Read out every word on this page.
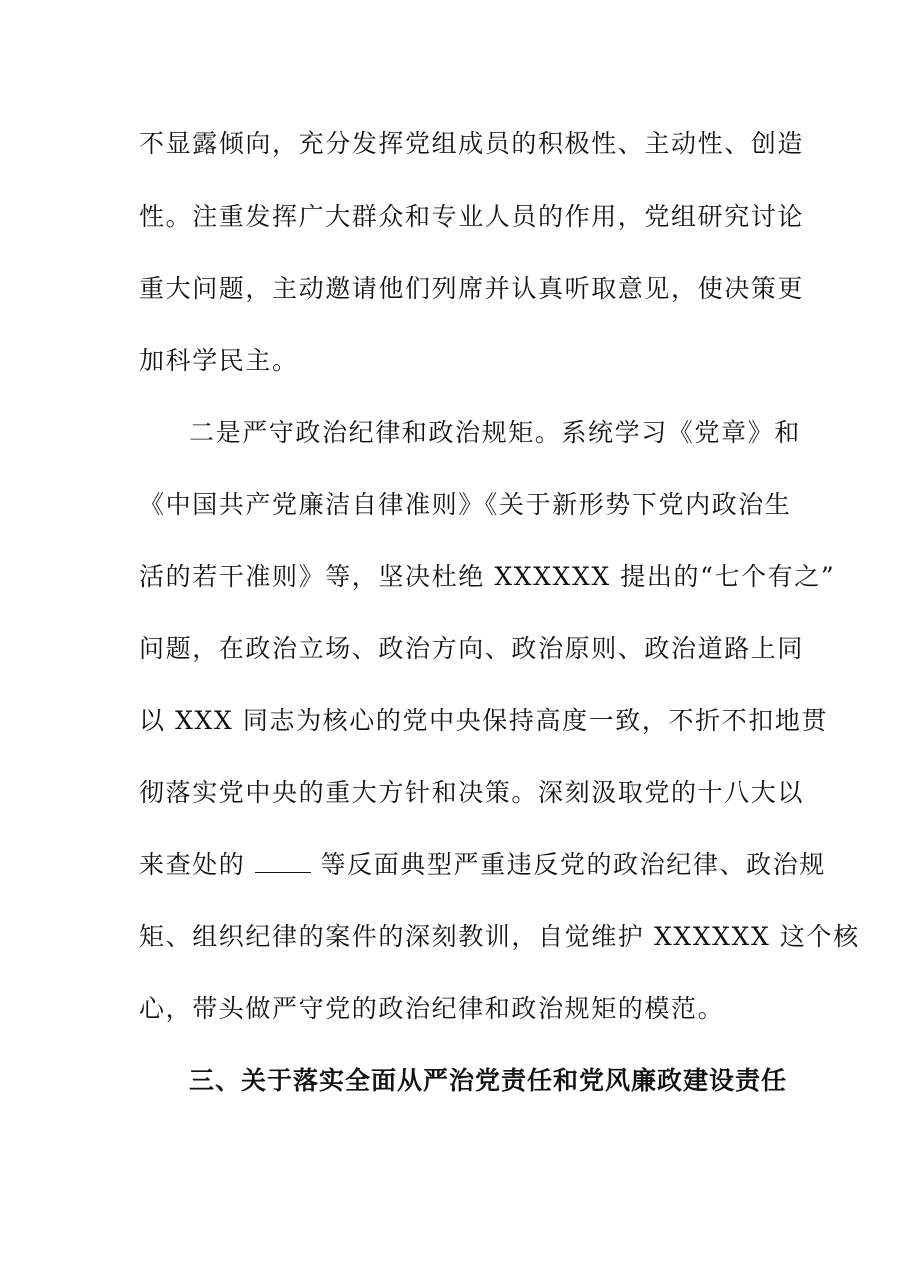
不显露倾向，充分发挥党组成员的积极性、主动性、创造
性。注重发挥广大群众和专业人员的作用，党组研究讨论
重大问题，主动邀请他们列席并认真听取意见，使决策更
加科学民主。
二是严守政治纪律和政治规矩。系统学习《党章》和
《中国共产党廉洁自律准则》《关于新形势下党内政治生
活的若干准则》等，坚决杜绝 XXXXXX 提出的“七个有之”
问题，在政治立场、政治方向、政治原则、政治道路上同
以 XXX 同志为核心的党中央保持高度一致，不折不扣地贯
彻落实党中央的重大方针和决策。深刻汲取党的十八大以
来查处的	等反面典型严重违反党的政治纪律、政治规
矩、组织纪律的案件的深刻教训，自觉维护 XXXXXX 这个核
心，带头做严守党的政治纪律和政治规矩的模范。
三、关于落实全面从严治党责任和党风廉政建设责任
